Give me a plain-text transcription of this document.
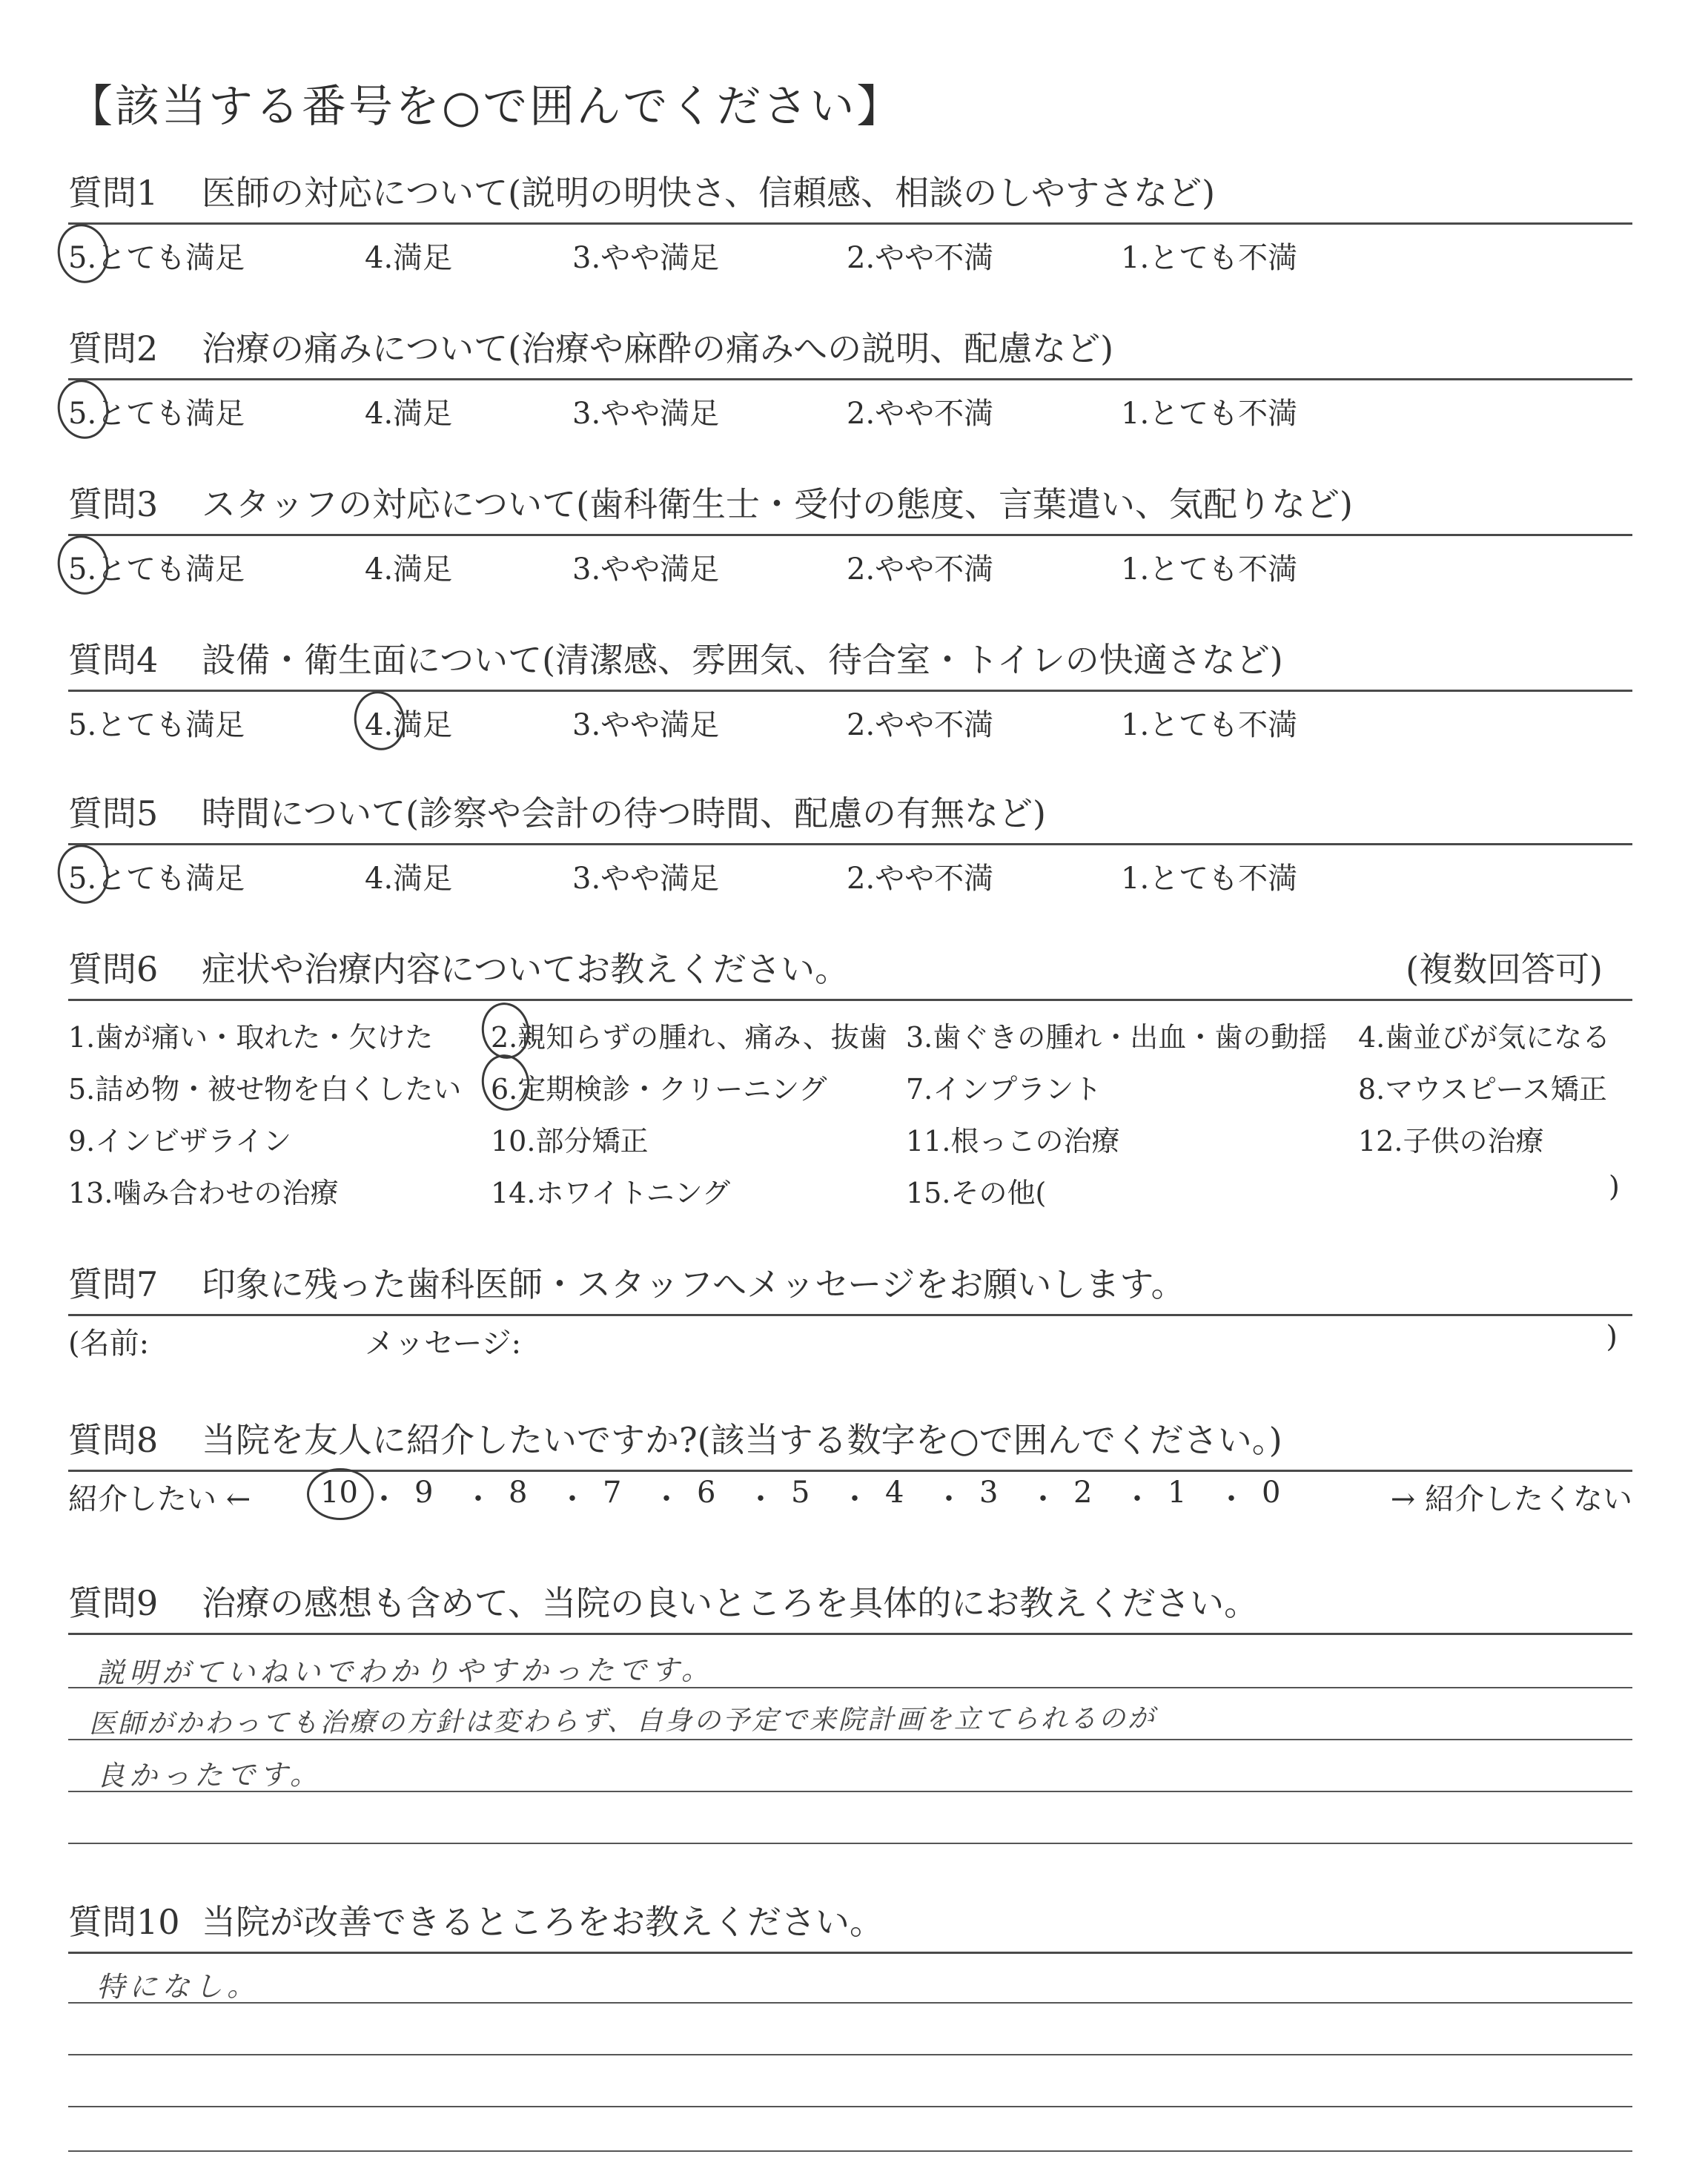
【該当する番号を○で囲んでください】
質問1 医師の対応について(説明の明快さ、信頼感、相談のしやすさなど)
5.とても満足	4.満足	3.やや満足	2.やや不満	1.とても不満
質問2 治療の痛みについて(治療や麻酔の痛みへの説明、配慮など)
5.とても満足	4.満足	3.やや満足	2.やや不満	1.とても不満
質問3 スタッフの対応について(歯科衛生士・受付の態度、言葉遣い、気配りなど)
5.とても満足	4.満足	3.やや満足	2.やや不満	1.とても不満
質問4 設備・衛生面について(清潔感、雰囲気、待合室・トイレの快適さなど)
5.とても満足	4.満足	3.やや満足	2.やや不満	1.とても不満
質問5 時間について(診察や会計の待つ時間、配慮の有無など)
5.とても満足	4.満足	3.やや満足	2.やや不満	1.とても不満
質問6 症状や治療内容についてお教えください。	(複数回答可)
1.歯が痛い・取れた・欠けた 2.親知らずの腫れ、痛み、抜歯 3.歯ぐきの腫れ・出血・歯の動揺 4.歯並びが気になる
5.詰め物・被せ物を白くしたい 6.定期検診・クリーニング	7.インプラント	8.マウスピース矯正
9.インビザライン	10.部分矯正	11.根っこの治療	12.子供の治療
13.噛み合わせの治療	14.ホワイトニング	15.その他(	)
質問7 印象に残った歯科医師・スタッフへメッセージをお願いします。
(名前:	メッセージ:	)
質問8 当院を友人に紹介したいですか?(該当する数字を○で囲んでください。)
紹介したい ←	→ 紹介したくない
10 ・ 9 ・ 8 ・ 7 ・ 6 ・ 5 ・ 4 ・ 3 ・ 2 ・ 1 ・ 0
質問9 治療の感想も含めて、当院の良いところを具体的にお教えください。
説明がていねいでわかりやすかったです。
医師がかわっても治療の方針は変わらず、自身の予定で来院計画を立てられるのが
良かったです。
質問10 当院が改善できるところをお教えください。
特になし。
